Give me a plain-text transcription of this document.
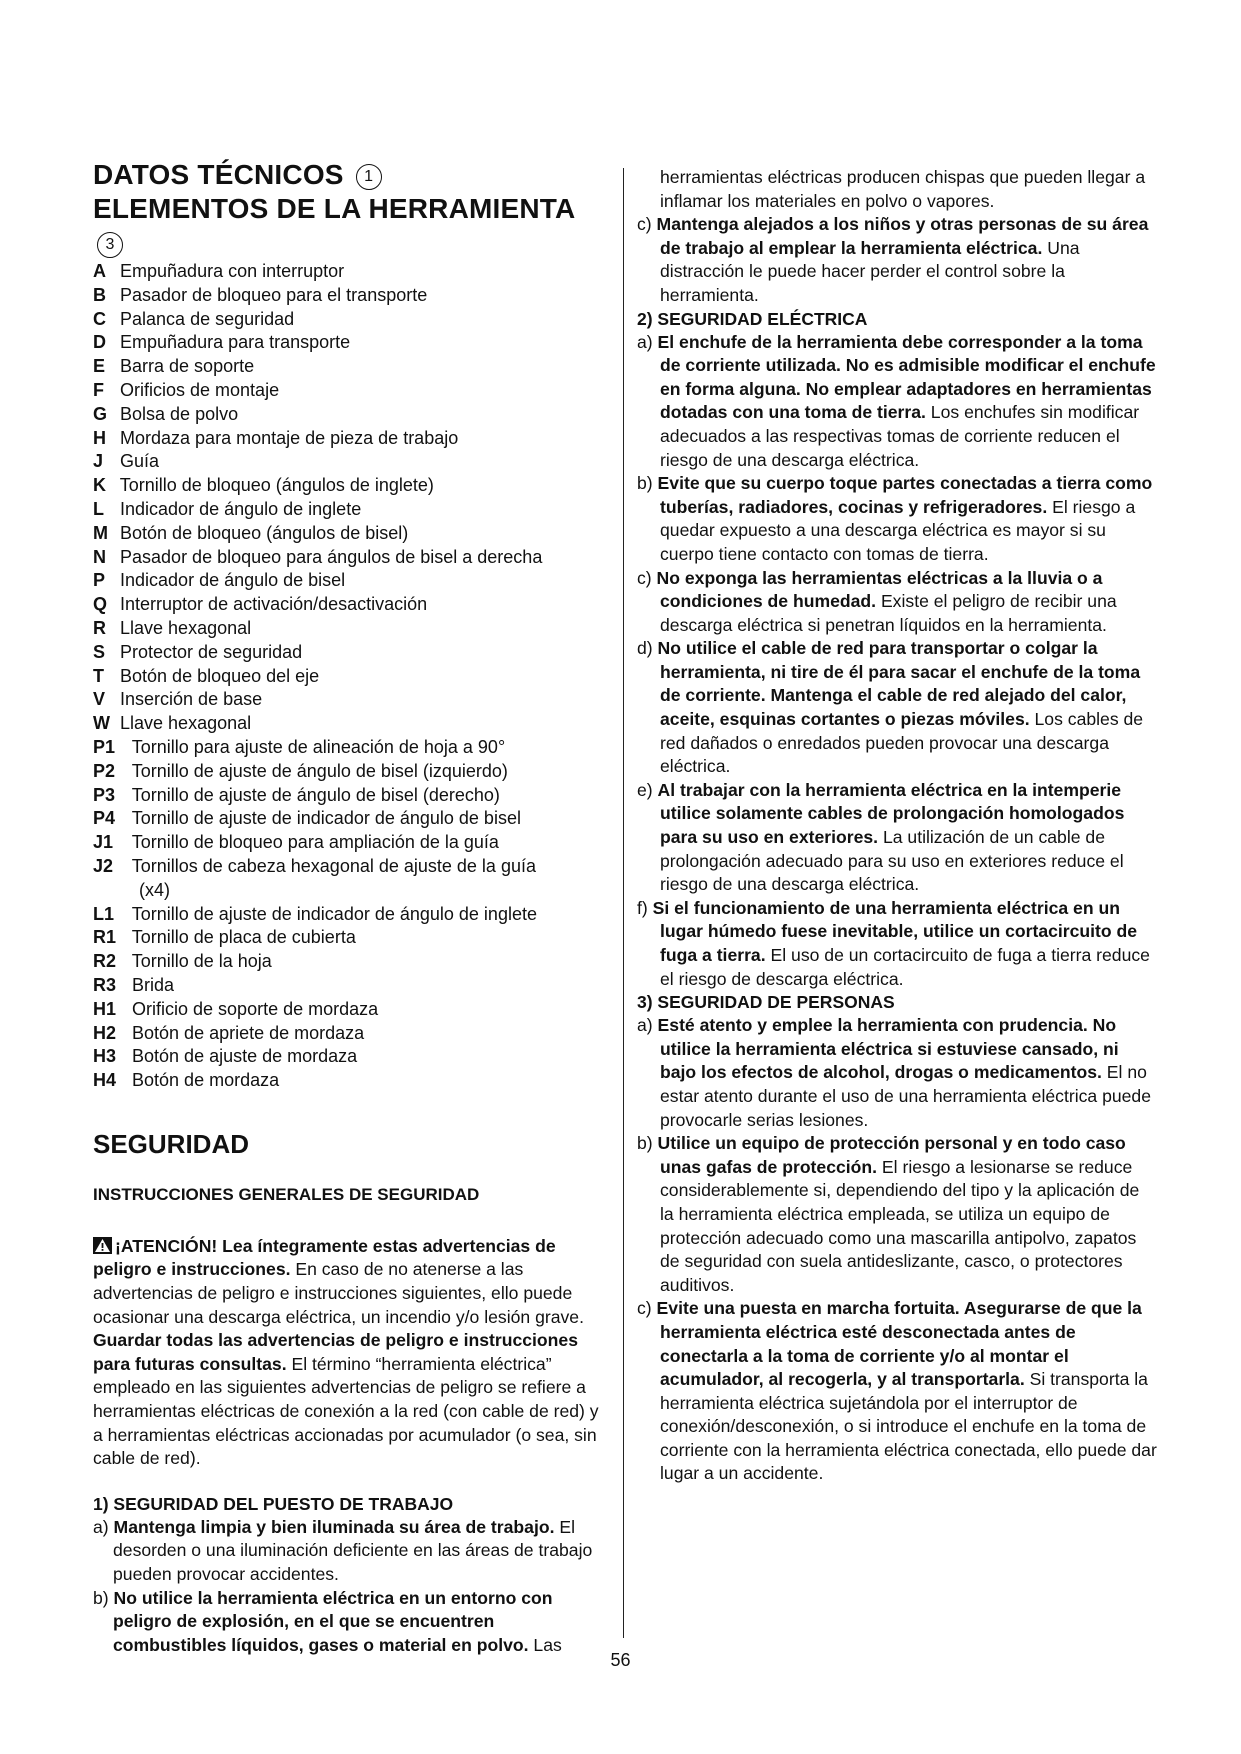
DATOS TÉCNICOS 1
ELEMENTOS DE LA HERRAMIENTA 3
A Empuñadura con interruptor
B Pasador de bloqueo para el transporte
C Palanca de seguridad
D Empuñadura para transporte
E Barra de soporte
F Orificios de montaje
G Bolsa de polvo
H Mordaza para montaje de pieza de trabajo
J Guía
K Tornillo de bloqueo (ángulos de inglete)
L Indicador de ángulo de inglete
M Botón de bloqueo (ángulos de bisel)
N Pasador de bloqueo para ángulos de bisel a derecha
P Indicador de ángulo de bisel
Q Interruptor de activación/desactivación
R Llave hexagonal
S Protector de seguridad
T Botón de bloqueo del eje
V Inserción de base
W Llave hexagonal
P1 Tornillo para ajuste de alineación de hoja a 90°
P2 Tornillo de ajuste de ángulo de bisel (izquierdo)
P3 Tornillo de ajuste de ángulo de bisel (derecho)
P4 Tornillo de ajuste de indicador de ángulo de bisel
J1 Tornillo de bloqueo para ampliación de la guía
J2 Tornillos de cabeza hexagonal de ajuste de la guía
(x4)
L1 Tornillo de ajuste de indicador de ángulo de inglete
R1 Tornillo de placa de cubierta
R2 Tornillo de la hoja
R3 Brida
H1 Orificio de soporte de mordaza
H2 Botón de apriete de mordaza
H3 Botón de ajuste de mordaza
H4 Botón de mordaza
SEGURIDAD
INSTRUCCIONES GENERALES DE SEGURIDAD

¡ATENCIÓN! Lea íntegramente estas advertencias de peligro e instrucciones. En caso de no atenerse a las advertencias de peligro e instrucciones siguientes, ello puede ocasionar una descarga eléctrica, un incendio y/o lesión grave. Guardar todas las advertencias de peligro e instrucciones para futuras consultas. El término “herramienta eléctrica” empleado en las siguientes advertencias de peligro se refiere a herramientas eléctricas de conexión a la red (con cable de red) y a herramientas eléctricas accionadas por acumulador (o sea, sin cable de red).

1) SEGURIDAD DEL PUESTO DE TRABAJO

a) Mantenga limpia y bien iluminada su área de trabajo. El desorden o una iluminación deficiente en las áreas de trabajo pueden provocar accidentes.

b) No utilice la herramienta eléctrica en un entorno con peligro de explosión, en el que se encuentren combustibles líquidos, gases o material en polvo. Las

herramientas eléctricas producen chispas que pueden llegar a inflamar los materiales en polvo o vapores.

c) Mantenga alejados a los niños y otras personas de su área de trabajo al emplear la herramienta eléctrica. Una distracción le puede hacer perder el control sobre la herramienta.

2) SEGURIDAD ELÉCTRICA

a) El enchufe de la herramienta debe corresponder a la toma de corriente utilizada. No es admisible modificar el enchufe en forma alguna. No emplear adaptadores en herramientas dotadas con una toma de tierra. Los enchufes sin modificar adecuados a las respectivas tomas de corriente reducen el riesgo de una descarga eléctrica.

b) Evite que su cuerpo toque partes conectadas a tierra como tuberías, radiadores, cocinas y refrigeradores. El riesgo a quedar expuesto a una descarga eléctrica es mayor si su cuerpo tiene contacto con tomas de tierra.

c) No exponga las herramientas eléctricas a la lluvia o a condiciones de humedad. Existe el peligro de recibir una descarga eléctrica si penetran líquidos en la herramienta.

d) No utilice el cable de red para transportar o colgar la herramienta, ni tire de él para sacar el enchufe de la toma de corriente. Mantenga el cable de red alejado del calor, aceite, esquinas cortantes o piezas móviles. Los cables de red dañados o enredados pueden provocar una descarga eléctrica.

e) Al trabajar con la herramienta eléctrica en la intemperie utilice solamente cables de prolongación homologados para su uso en exteriores. La utilización de un cable de prolongación adecuado para su uso en exteriores reduce el riesgo de una descarga eléctrica.

f) Si el funcionamiento de una herramienta eléctrica en un lugar húmedo fuese inevitable, utilice un cortacircuito de fuga a tierra. El uso de un cortacircuito de fuga a tierra reduce el riesgo de descarga eléctrica.

3) SEGURIDAD DE PERSONAS

a) Esté atento y emplee la herramienta con prudencia. No utilice la herramienta eléctrica si estuviese cansado, ni bajo los efectos de alcohol, drogas o medicamentos. El no estar atento durante el uso de una herramienta eléctrica puede provocarle serias lesiones.

b) Utilice un equipo de protección personal y en todo caso unas gafas de protección. El riesgo a lesionarse se reduce considerablemente si, dependiendo del tipo y la aplicación de la herramienta eléctrica empleada, se utiliza un equipo de protección adecuado como una mascarilla antipolvo, zapatos de seguridad con suela antideslizante, casco, o protectores auditivos.

c) Evite una puesta en marcha fortuita. Asegurarse de que la herramienta eléctrica esté desconectada antes de conectarla a la toma de corriente y/o al montar el acumulador, al recogerla, y al transportarla. Si transporta la herramienta eléctrica sujetándola por el interruptor de conexión/desconexión, o si introduce el enchufe en la toma de corriente con la herramienta eléctrica conectada, ello puede dar lugar a un accidente.

56
